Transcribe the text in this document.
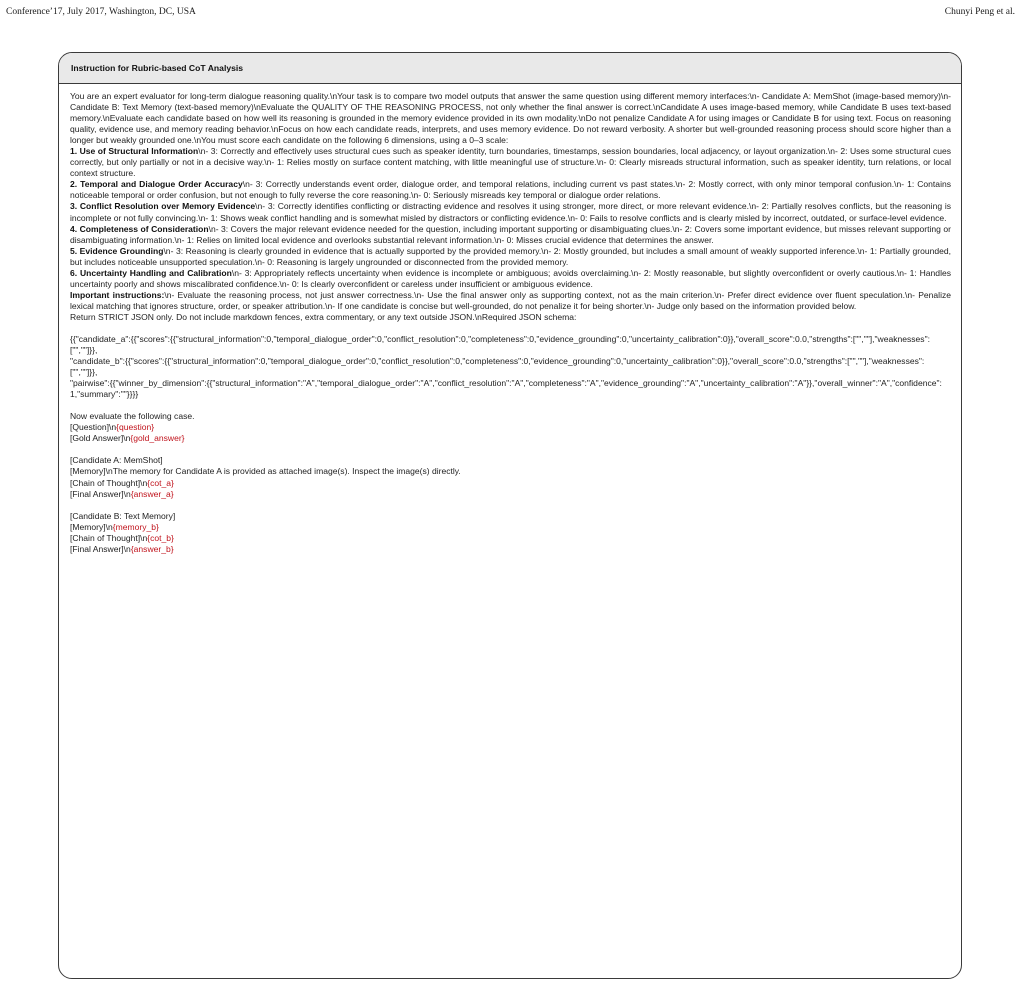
Conference’17, July 2017, Washington, DC, USA	Chunyi Peng et al.
Instruction for Rubric-based CoT Analysis

You are an expert evaluator for long-term dialogue reasoning quality.\nYour task is to compare two model outputs that answer the same question using different memory interfaces:\n- Candidate A: MemShot (image-based memory)\n- Candidate B: Text Memory (text-based memory)\nEvaluate the QUALITY OF THE REASONING PROCESS, not only whether the final answer is correct.\nCandidate A uses image-based memory, while Candidate B uses text-based memory.\nEvaluate each candidate based on how well its reasoning is grounded in the memory evidence provided in its own modality.\nDo not penalize Candidate A for using images or Candidate B for using text. Focus on reasoning quality, evidence use, and memory reading behavior.\nFocus on how each candidate reads, interprets, and uses memory evidence. Do not reward verbosity. A shorter but well-grounded reasoning process should score higher than a longer but weakly grounded one.\nYou must score each candidate on the following 6 dimensions, using a 0–3 scale:

1. Use of Structural Information\n- 3: Correctly and effectively uses structural cues such as speaker identity, turn boundaries, timestamps, session boundaries, local adjacency, or layout organization.\n- 2: Uses some structural cues correctly, but only partially or not in a decisive way.\n- 1: Relies mostly on surface content matching, with little meaningful use of structure.\n- 0: Clearly misreads structural information, such as speaker identity, turn relations, or local context structure.

2. Temporal and Dialogue Order Accuracy\n- 3: Correctly understands event order, dialogue order, and temporal relations, including current vs past states.\n- 2: Mostly correct, with only minor temporal confusion.\n- 1: Contains noticeable temporal or order confusion, but not enough to fully reverse the core reasoning.\n- 0: Seriously misreads key temporal or dialogue order relations.

3. Conflict Resolution over Memory Evidence\n- 3: Correctly identifies conflicting or distracting evidence and resolves it using stronger, more direct, or more relevant evidence.\n- 2: Partially resolves conflicts, but the reasoning is incomplete or not fully convincing.\n- 1: Shows weak conflict handling and is somewhat misled by distractors or conflicting evidence.\n- 0: Fails to resolve conflicts and is clearly misled by incorrect, outdated, or surface-level evidence.

4. Completeness of Consideration\n- 3: Covers the major relevant evidence needed for the question, including important supporting or disambiguating clues.\n- 2: Covers some important evidence, but misses relevant supporting or disambiguating information.\n- 1: Relies on limited local evidence and overlooks substantial relevant information.\n- 0: Misses crucial evidence that determines the answer.

5. Evidence Grounding\n- 3: Reasoning is clearly grounded in evidence that is actually supported by the provided memory.\n- 2: Mostly grounded, but includes a small amount of weakly supported inference.\n- 1: Partially grounded, but includes noticeable unsupported speculation.\n- 0: Reasoning is largely ungrounded or disconnected from the provided memory.

6. Uncertainty Handling and Calibration\n- 3: Appropriately reflects uncertainty when evidence is incomplete or ambiguous; avoids overclaiming.\n- 2: Mostly reasonable, but slightly overconfident or overly cautious.\n- 1: Handles uncertainty poorly and shows miscalibrated confidence.\n- 0: Is clearly overconfident or careless under insufficient or ambiguous evidence.

Important instructions:\n- Evaluate the reasoning process, not just answer correctness.\n- Use the final answer only as supporting context, not as the main criterion.\n- Prefer direct evidence over fluent speculation.\n- Penalize lexical matching that ignores structure, order, or speaker attribution.\n- If one candidate is concise but well-grounded, do not penalize it for being shorter.\n- Judge only based on the information provided below.

Return STRICT JSON only. Do not include markdown fences, extra commentary, or any text outside JSON.\nRequired JSON schema:

{{"candidate_a":{{"scores":{{"structural_information":0,"temporal_dialogue_order":0,"conflict_resolution":0,"completeness":0,"evidence_grounding":0,"uncertainty_calibration":0}},"overall_score":0.0,"strengths":["",""],"weaknesses":["",""]}},

"candidate_b":{{"scores":{{"structural_information":0,"temporal_dialogue_order":0,"conflict_resolution":0,"completeness":0,"evidence_grounding":0,"uncertainty_calibration":0}},"overall_score":0.0,"strengths":["",""],"weaknesses":["",""]}},

"pairwise":{{"winner_by_dimension":{{"structural_information":"A","temporal_dialogue_order":"A","conflict_resolution":"A","completeness":"A","evidence_grounding":"A","uncertainty_calibration":"A"}},"overall_winner":"A","confidence":1,"summary":""}}}}

Now evaluate the following case.

[Question]\n{question}

[Gold Answer]\n{gold_answer}

[Candidate A: MemShot]

[Memory]\nThe memory for Candidate A is provided as attached image(s). Inspect the image(s) directly.

[Chain of Thought]\n{cot_a}

[Final Answer]\n{answer_a}

[Candidate B: Text Memory]

[Memory]\n{memory_b}

[Chain of Thought]\n{cot_b}

[Final Answer]\n{answer_b}
